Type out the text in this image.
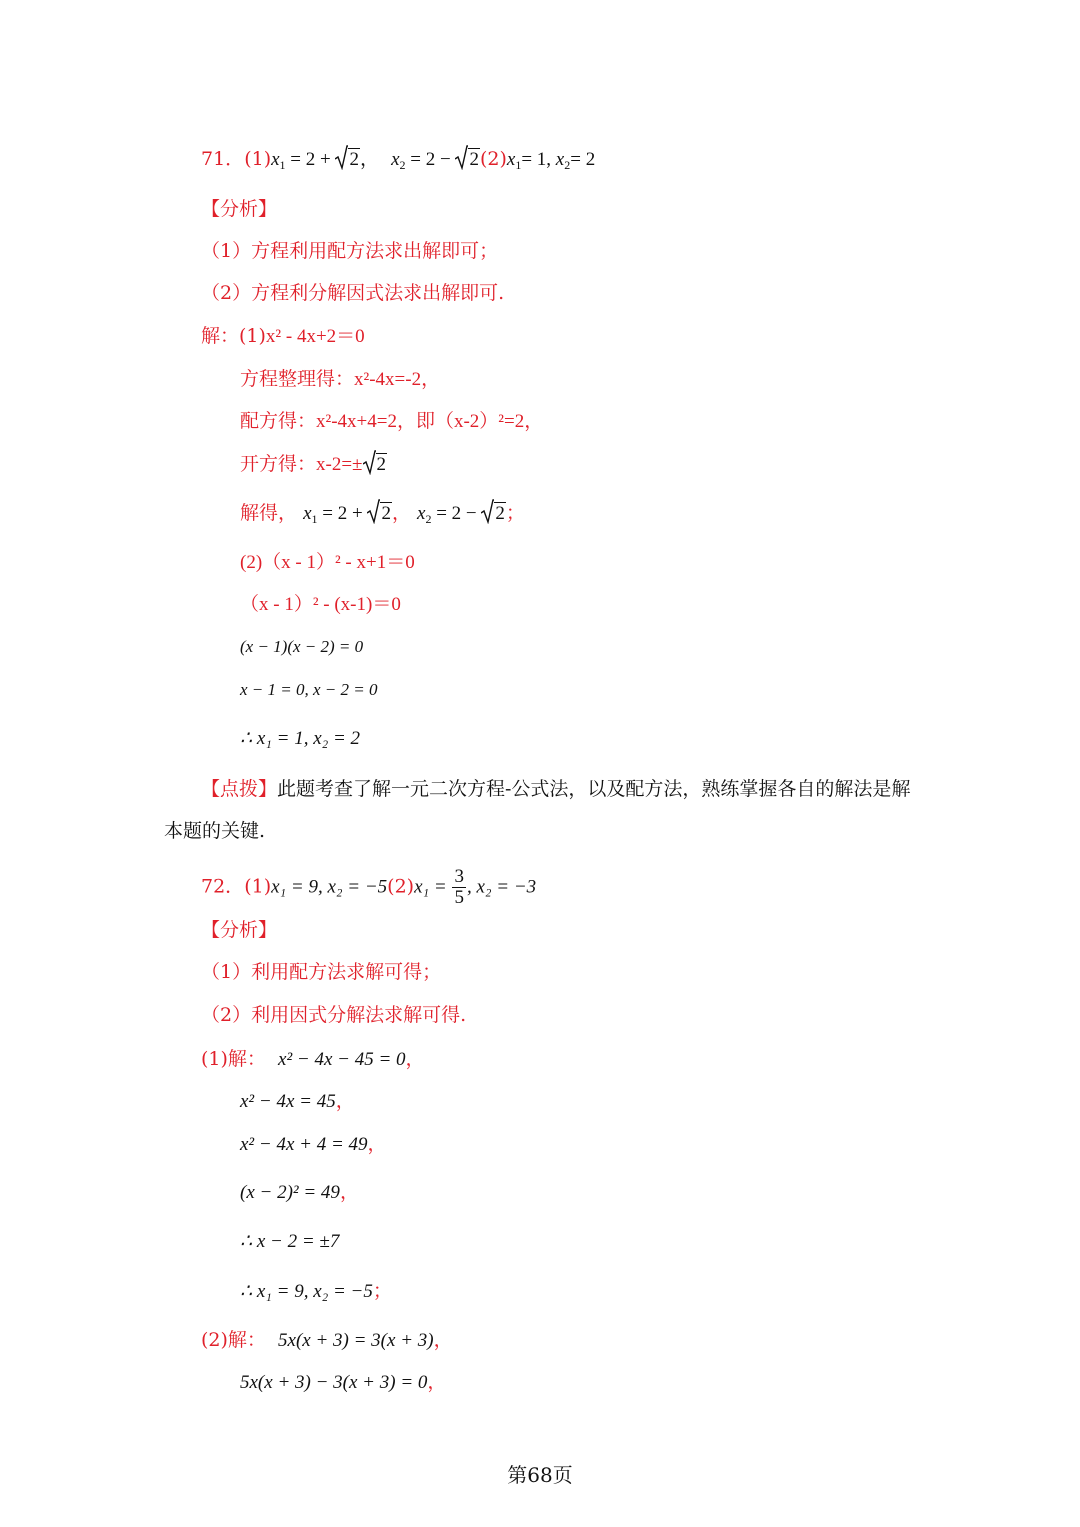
71．$(1)x_1 = 2$ +
2， $x_2 = 2$ −
$2(2)x_1= 1$, $x_2= 2$
【分析】
（1）方程利用配方法求出解即可；
（2）方程利分解因式法求出解即可.
解：(1)x² - 4x+2＝0
方程整理得：x²-4x=-2，
配方得：x²-4x+4=2，即（x-2）²=2，
开方得：x-2=± 2
解得， $x_1 = 2$ +
2， $x_2 = 2$ −
2；
(2)（x - 1）² - x+1＝0
（x - 1）² - (x-1)＝0
(x − 1)(x − 2) = 0
x − 1 = 0, x − 2 = 0
∴ x₁ = 1, x₂ = 2
【点拨】此题考查了解一元二次方程-公式法，以及配方法，熟练掌握各自的解法是解
本题的关键.
72．(1)x₁ = 9, $x_2 = -5(2)x_1 = \frac{3}{5}$ , x₂ = −3
【分析】
（1）利用配方法求解可得；
（2）利用因式分解法求解可得.
(1)解： x² − 4x − 45 = 0，
x² − 4x = 45，
x² − 4x + 4 = 49，
(x − 2)² = 49，
∴ x − 2 = ±7
∴ x₁ = 9, x₂ = −5；
(2)解： 5x(x + 3) = 3(x + 3)，
5x(x + 3) − 3(x + 3) = 0，
第68页
